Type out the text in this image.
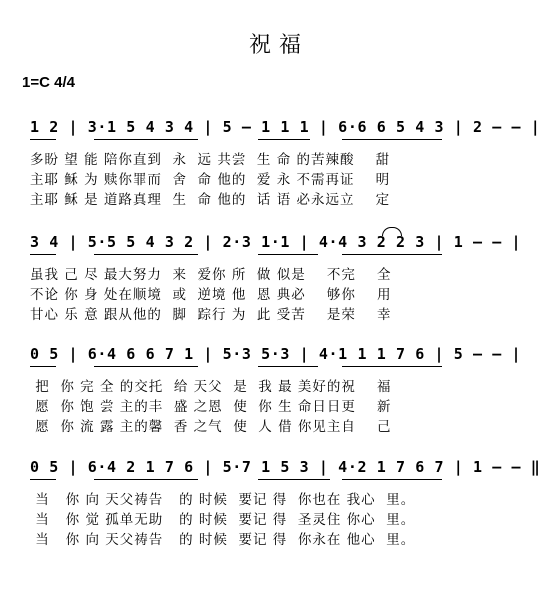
祝福
1=C 4/4
1 2 | 3·1 5 4 3 4 | 5 – 1 1 1 | 6·6 6 5 4 3 | 2 – – |
多盼 望 能 陪你直到  永  远 共尝  生 命 的苦辣酸    甜
主耶 稣 为 赎你罪而  舍  命 他的  爱 永 不需再证    明
主耶 稣 是 道路真理  生  命 他的  话 语 必永远立    定
3 4 | 5·5 5 4 3 2 | 2·3 1·1 | 4·4 3 2 2 3 | 1 – – |
虽我 己 尽 最大努力  来  爱你 所  做 似是    不完    全
不论 你 身 处在顺境  或  逆境 他  恩 典必    够你    用
甘心 乐 意 跟从他的  脚  踪行 为  此 受苦    是荣    幸
0 5 | 6·4 6 6 7 1 | 5·3 5·3 | 4·1 1 1 7 6 | 5 – – |
把  你 完 全 的交托  给 天父  是  我 最 美好的祝    福
愿  你 饱 尝 主的丰  盛 之恩  使  你 生 命日日更    新
愿  你 流 露 主的馨  香 之气  使  人 借 你见主自    己
0 5 | 6·4 2 1 7 6 | 5·7 1 5 3 | 4·2 1 7 6 7 | 1 – – ‖
当   你 向 天父祷告   的 时候  要记 得  你也在 我心  里。
当   你 觉 孤单无助   的 时候  要记 得  圣灵住 你心  里。
当   你 向 天父祷告   的 时候  要记 得  你永在 他心  里。
